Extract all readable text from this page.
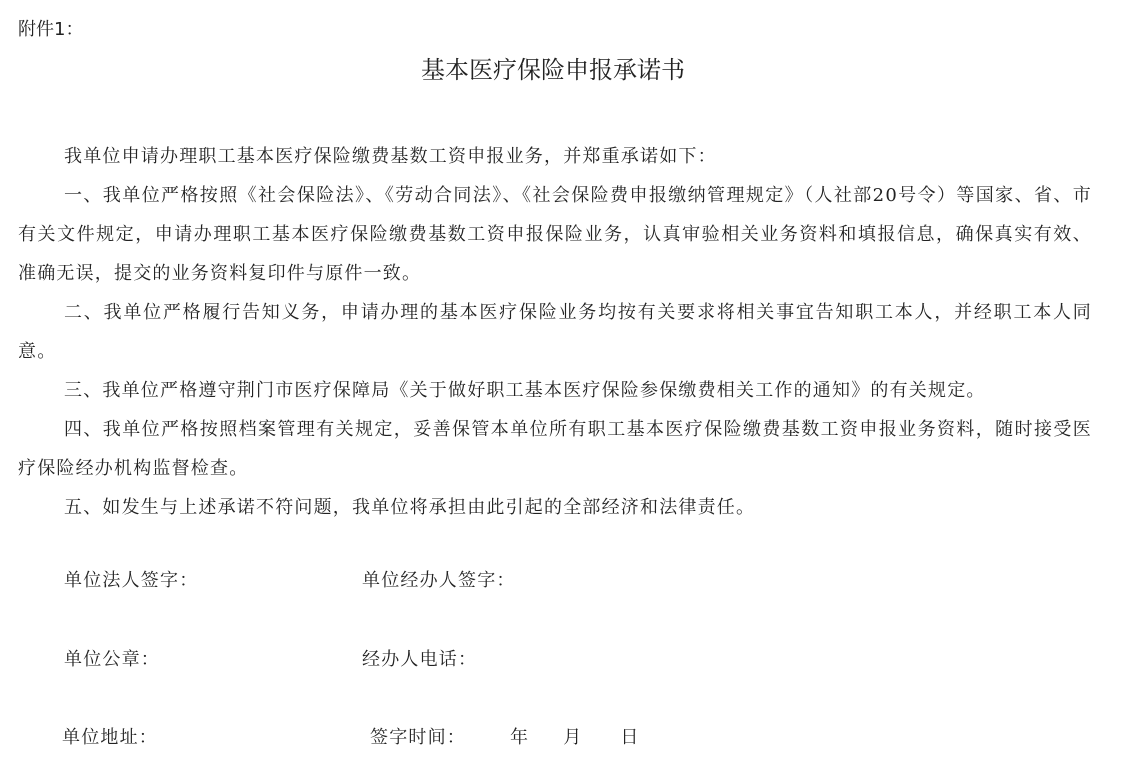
附件1：
基本医疗保险申报承诺书

我单位申请办理职工基本医疗保险缴费基数工资申报业务，并郑重承诺如下：

一、我单位严格按照《社会保险法》、《劳动合同法》、《社会保险费申报缴纳管理规定》（人社部20号令）等国家、省、市有关文件规定，申请办理职工基本医疗保险缴费基数工资申报保险业务，认真审验相关业务资料和填报信息，确保真实有效、准确无误，提交的业务资料复印件与原件一致。

二、我单位严格履行告知义务，申请办理的基本医疗保险业务均按有关要求将相关事宜告知职工本人，并经职工本人同意。

三、我单位严格遵守荆门市医疗保障局《关于做好职工基本医疗保险参保缴费相关工作的通知》的有关规定。

四、我单位严格按照档案管理有关规定，妥善保管本单位所有职工基本医疗保险缴费基数工资申报业务资料，随时接受医疗保险经办机构监督检查。

五、如发生与上述承诺不符问题，我单位将承担由此引起的全部经济和法律责任。

单位法人签字：	单位经办人签字：
单位公章：	经办人电话：
单位地址：	签字时间： 年 月 日
